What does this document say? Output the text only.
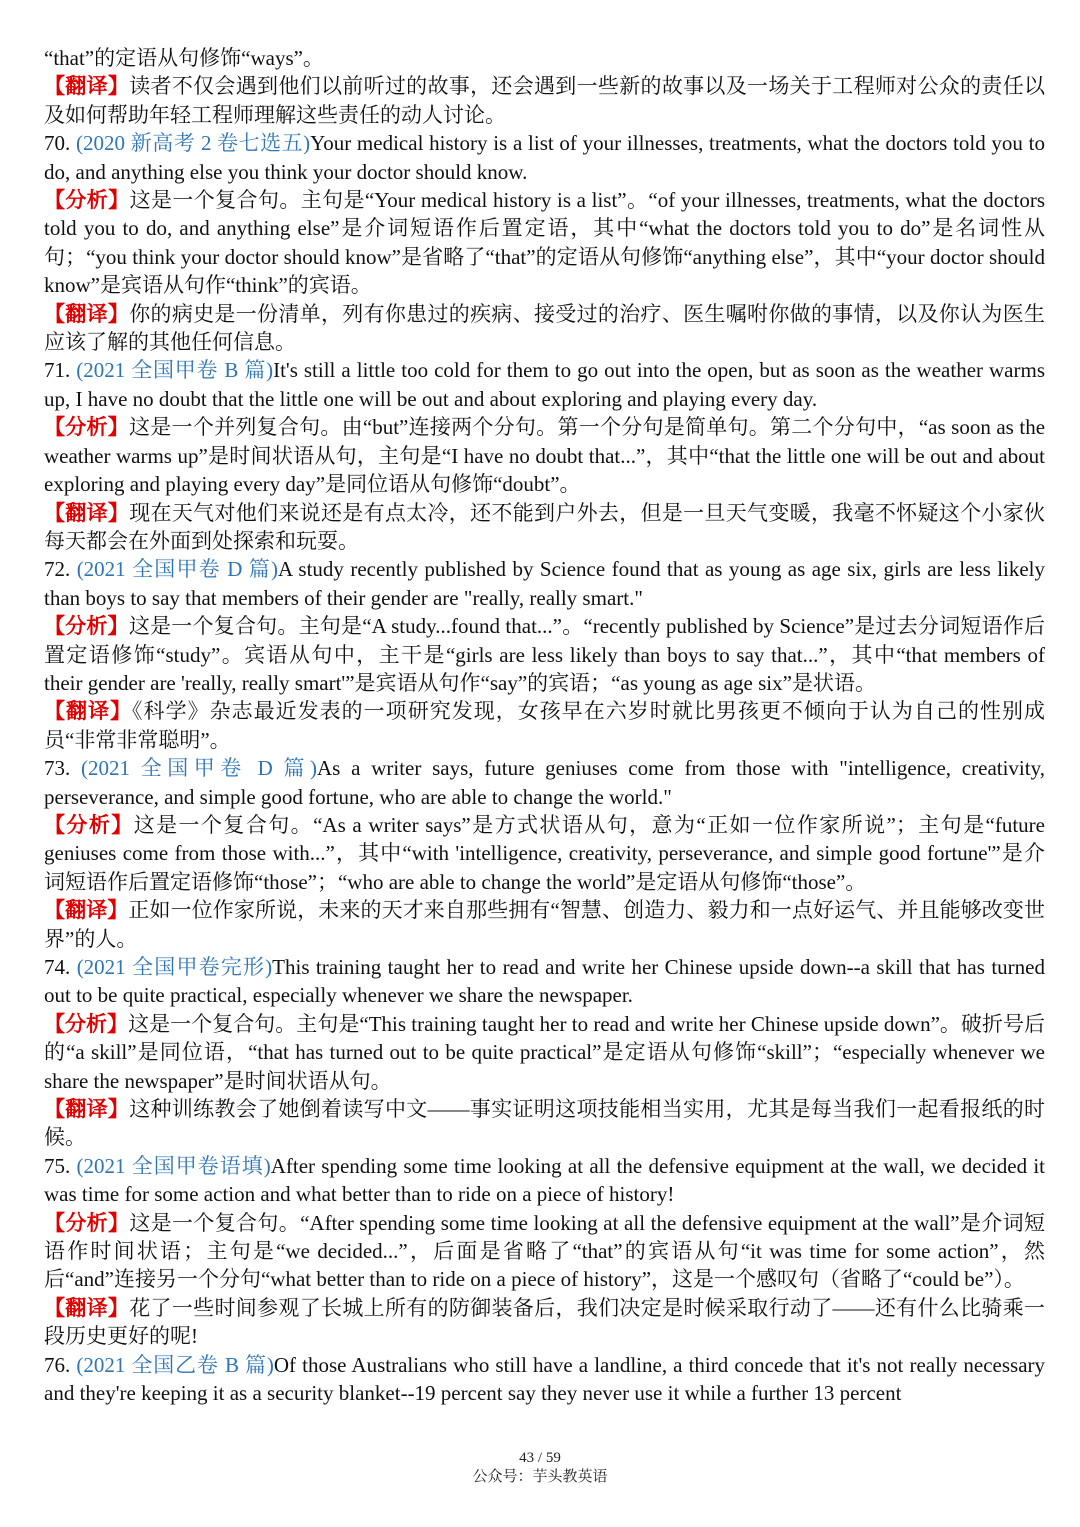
“that”的定语从句修饰“ways”。

【翻译】读者不仅会遇到他们以前听过的故事，还会遇到一些新的故事以及一场关于工程师对公众的责任以及如何帮助年轻工程师理解这些责任的动人讨论。

70. (2020 新高考 2 卷七选五)Your medical history is a list of your illnesses, treatments, what the doctors told you to do, and anything else you think your doctor should know.

【分析】这是一个复合句。主句是“Your medical history is a list”。“of your illnesses, treatments, what the doctors told you to do, and anything else”是介词短语作后置定语，其中“what the doctors told you to do”是名词性从句；“you think your doctor should know”是省略了“that”的定语从句修饰“anything else”，其中“your doctor should know”是宾语从句作“think”的宾语。

【翻译】你的病史是一份清单，列有你患过的疾病、接受过的治疗、医生嘱咐你做的事情，以及你认为医生应该了解的其他任何信息。

71. (2021 全国甲卷 B 篇)It's still a little too cold for them to go out into the open, but as soon as the weather warms up, I have no doubt that the little one will be out and about exploring and playing every day.

【分析】这是一个并列复合句。由“but”连接两个分句。第一个分句是简单句。第二个分句中，“as soon as the weather warms up”是时间状语从句，主句是“I have no doubt that...”，其中“that the little one will be out and about exploring and playing every day”是同位语从句修饰“doubt”。

【翻译】现在天气对他们来说还是有点太冷，还不能到户外去，但是一旦天气变暖，我毫不怀疑这个小家伙每天都会在外面到处探索和玩耍。

72. (2021 全国甲卷 D 篇)A study recently published by Science found that as young as age six, girls are less likely than boys to say that members of their gender are "really, really smart."

【分析】这是一个复合句。主句是“A study...found that...”。“recently published by Science”是过去分词短语作后置定语修饰“study”。宾语从句中，主干是“girls are less likely than boys to say that...”，其中“that members of their gender are 'really, really smart'”是宾语从句作“say”的宾语；“as young as age six”是状语。

【翻译】《科学》杂志最近发表的一项研究发现，女孩早在六岁时就比男孩更不倾向于认为自己的性别成员“非常非常聪明”。

73. (2021 全国甲卷 D 篇)As a writer says, future geniuses come from those with "intelligence, creativity, perseverance, and simple good fortune, who are able to change the world."

【分析】这是一个复合句。“As a writer says”是方式状语从句，意为“正如一位作家所说”；主句是“future geniuses come from those with...”，其中“with 'intelligence, creativity, perseverance, and simple good fortune'”是介词短语作后置定语修饰“those”；“who are able to change the world”是定语从句修饰“those”。

【翻译】正如一位作家所说，未来的天才来自那些拥有“智慧、创造力、毅力和一点好运气、并且能够改变世界”的人。

74. (2021 全国甲卷完形)This training taught her to read and write her Chinese upside down--a skill that has turned out to be quite practical, especially whenever we share the newspaper.

【分析】这是一个复合句。主句是“This training taught her to read and write her Chinese upside down”。破折号后的“a skill”是同位语，“that has turned out to be quite practical”是定语从句修饰“skill”；“especially whenever we share the newspaper”是时间状语从句。

【翻译】这种训练教会了她倒着读写中文——事实证明这项技能相当实用，尤其是每当我们一起看报纸的时候。

75. (2021 全国甲卷语填)After spending some time looking at all the defensive equipment at the wall, we decided it was time for some action and what better than to ride on a piece of history!

【分析】这是一个复合句。“After spending some time looking at all the defensive equipment at the wall”是介词短语作时间状语；主句是“we decided...”，后面是省略了“that”的宾语从句“it was time for some action”，然后“and”连接另一个分句“what better than to ride on a piece of history”，这是一个感叹句（省略了“could be”）。

【翻译】花了一些时间参观了长城上所有的防御装备后，我们决定是时候采取行动了——还有什么比骑乘一段历史更好的呢!

76. (2021 全国乙卷 B 篇)Of those Australians who still have a landline, a third concede that it's not really necessary and they're keeping it as a security blanket--19 percent say they never use it while a further 13 percent

43 / 59
公众号：芋头教英语
